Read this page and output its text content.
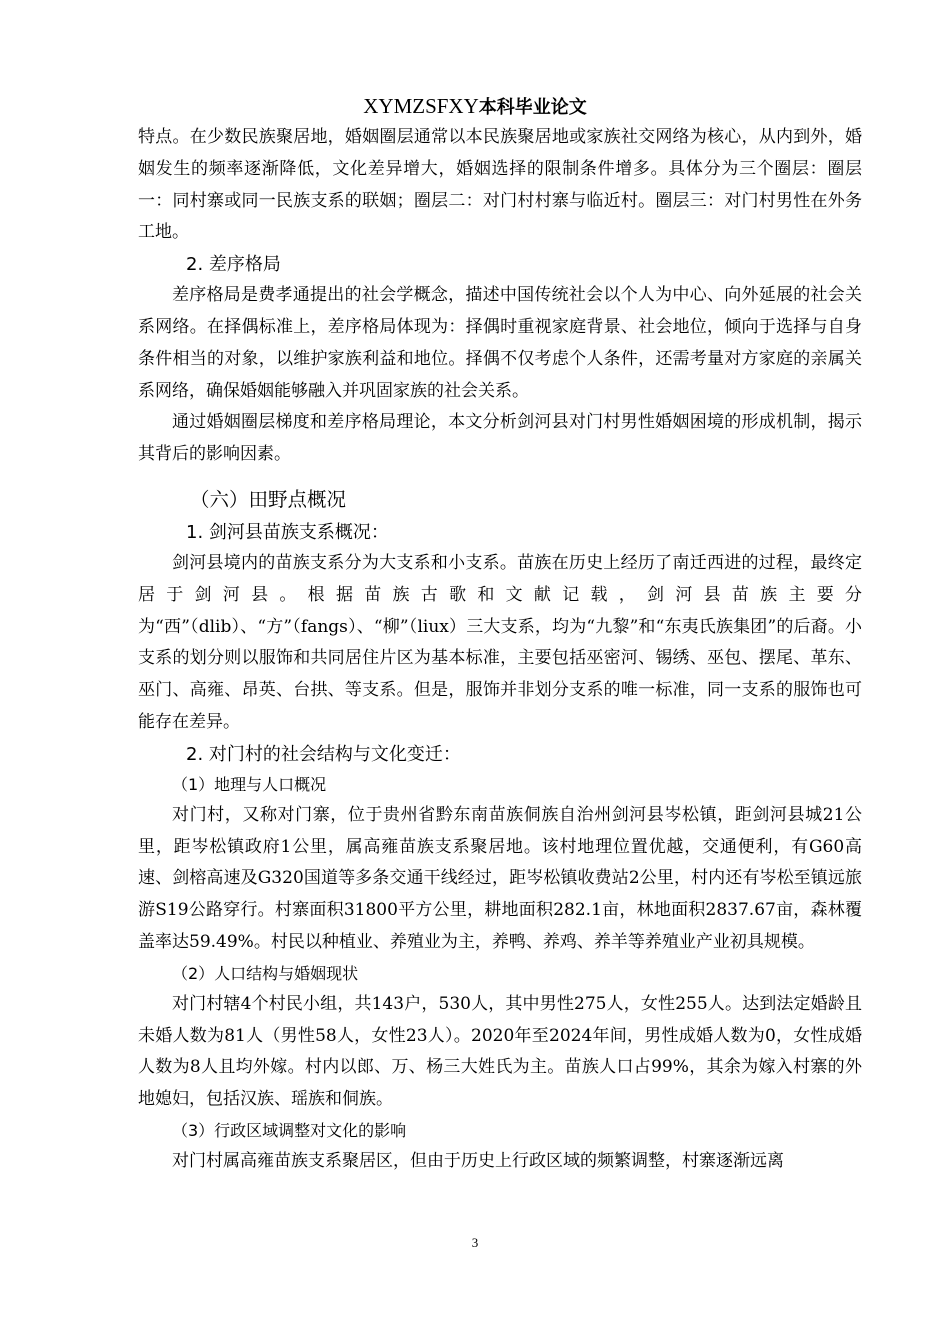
XYMZSFXY本科毕业论文
特点。在少数民族聚居地，婚姻圈层通常以本民族聚居地或家族社交网络为核心，从内到外，婚姻发生的频率逐渐降低，文化差异增大，婚姻选择的限制条件增多。具体分为三个圈层：圈层一：同村寨或同一民族支系的联姻；圈层二：对门村村寨与临近村。圈层三：对门村男性在外务工地。
2. 差序格局
差序格局是费孝通提出的社会学概念，描述中国传统社会以个人为中心、向外延展的社会关系网络。在择偶标准上，差序格局体现为：择偶时重视家庭背景、社会地位，倾向于选择与自身条件相当的对象，以维护家族利益和地位。择偶不仅考虑个人条件，还需考量对方家庭的亲属关系网络，确保婚姻能够融入并巩固家族的社会关系。
通过婚姻圈层梯度和差序格局理论，本文分析剑河县对门村男性婚姻困境的形成机制，揭示其背后的影响因素。
（六）田野点概况
1. 剑河县苗族支系概况：
剑河县境内的苗族支系分为大支系和小支系。苗族在历史上经历了南迁西进的过程，最终定居于剑河县。根据苗族古歌和文献记载，剑河县苗族主要分为“西”（dlib）、“方”（fangs）、“柳”（liux）三大支系，均为“九黎”和“东夷氏族集团”的后裔。小支系的划分则以服饰和共同居住片区为基本标准，主要包括巫密河、锡绣、巫包、摆尾、革东、巫门、高雍、昂英、台拱、等支系。但是，服饰并非划分支系的唯一标准，同一支系的服饰也可能存在差异。
2. 对门村的社会结构与文化变迁：
（1）地理与人口概况
对门村，又称对门寨，位于贵州省黔东南苗族侗族自治州剑河县岑松镇，距剑河县城21公里，距岑松镇政府1公里，属高雍苗族支系聚居地。该村地理位置优越，交通便利，有G60高速、剑榕高速及G320国道等多条交通干线经过，距岑松镇收费站2公里，村内还有岑松至镇远旅游S19公路穿行。村寨面积31800平方公里，耕地面积282.1亩，林地面积2837.67亩，森林覆盖率达59.49%。村民以种植业、养殖业为主，养鸭、养鸡、养羊等养殖业产业初具规模。
（2）人口结构与婚姻现状
对门村辖4个村民小组，共143户，530人，其中男性275人，女性255人。达到法定婚龄且未婚人数为81人（男性58人，女性23人）。2020年至2024年间，男性成婚人数为0，女性成婚人数为8人且均外嫁。村内以郎、万、杨三大姓氏为主。苗族人口占99%，其余为嫁入村寨的外地媳妇，包括汉族、瑶族和侗族。
（3）行政区域调整对文化的影响
对门村属高雍苗族支系聚居区，但由于历史上行政区域的频繁调整，村寨逐渐远离
3
